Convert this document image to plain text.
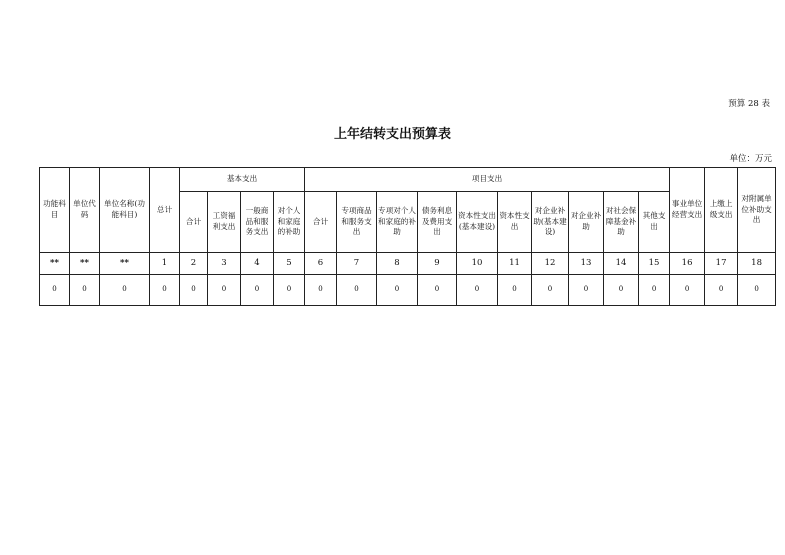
预算 28 表
上年结转支出预算表
单位：万元
功能科目	单位代码	单位名称(功能科目)	总计	基本支出				项目支出										事业单位经营支出	上缴上级支出	对附属单位补助支出
				合计	工资福利支出	一般商品和服务支出	对个人和家庭的补助	合计	专项商品和服务支出	专项对个人和家庭的补助	债务利息及费用支出	资本性支出(基本建设)	资本性支出	对企业补助(基本建设)	对企业补助	对社会保障基金补助	其他支出			
**	**	**	1	2	3	4	5	6	7	8	9	10	11	12	13	14	15	16	17	18
0	0	0	0	0	0	0	0	0	0	0	0	0	0	0	0	0	0	0	0	0
